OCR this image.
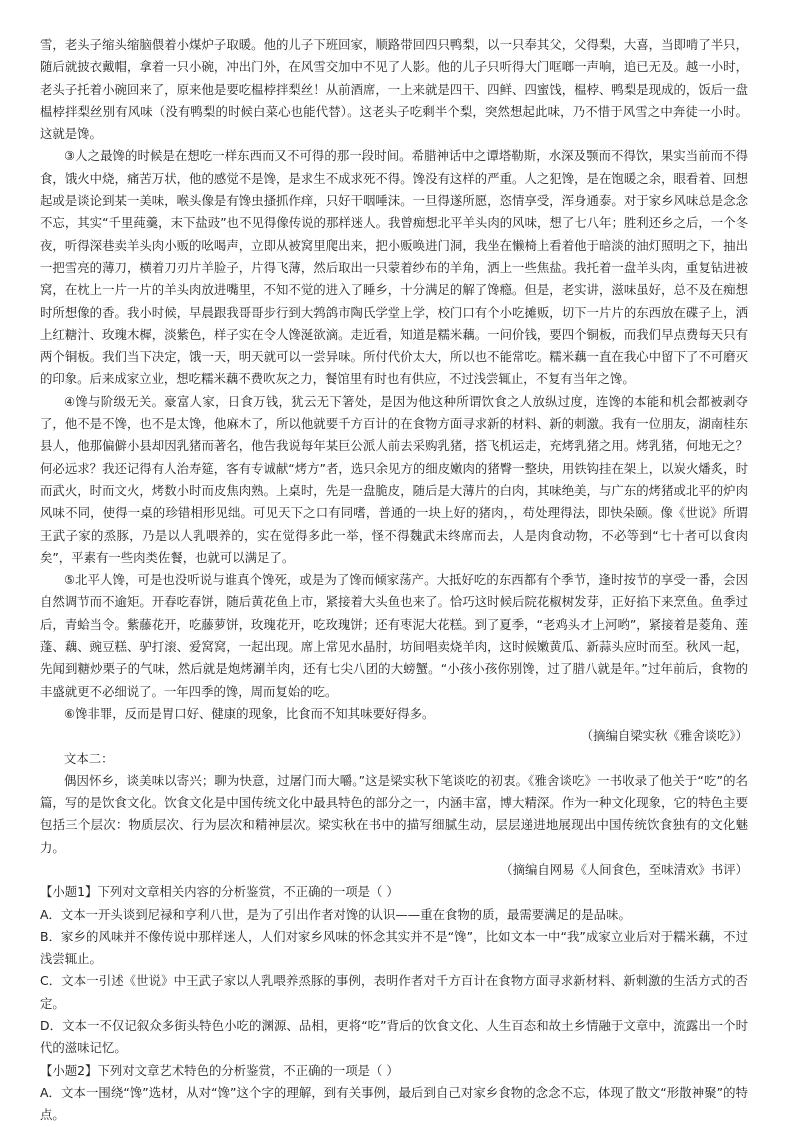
雪，老头子缩头缩脑偎着小煤炉子取暖。他的儿子下班回家，顺路带回四只鸭梨，以一只奉其父，父得梨，大喜，当即啃了半只，随后就披衣戴帽，拿着一只小碗，冲出门外，在风雪交加中不见了人影。他的儿子只听得大门哐啷一声响，追已无及。越一小时，老头子托着小碗回来了，原来他是要吃榅桲拌梨丝！从前酒席，一上来就是四干、四鲜、四蜜饯，榅桲、鸭梨是现成的，饭后一盘榅桲拌梨丝别有风味（没有鸭梨的时候白菜心也能代替）。这老头子吃剩半个梨，突然想起此味，乃不惜于风雪之中奔徒一小时。这就是馋。

③人之最馋的时候是在想吃一样东西而又不可得的那一段时间。希腊神话中之谭塔勒斯，水深及颚而不得饮，果实当前而不得食，饿火中烧，痛苦万状，他的感觉不是馋，是求生不成求死不得。馋没有这样的严重。人之犯馋，是在饱暖之余，眼看着、回想起或是谈论到某一美味，喉头像是有馋虫搔抓作痒，只好干咽唾沫。一旦得遂所愿，恣情享受，浑身通泰。对于家乡风味总是念念不忘，其实“千里莼羹，末下盐豉”也不见得像传说的那样迷人。我曾痴想北平羊头肉的风味，想了七八年；胜利还乡之后，一个冬夜，听得深巷卖羊头肉小贩的吆喝声，立即从被窝里爬出来，把小贩唤进门洞，我坐在懒椅上看着他于暗淡的油灯照明之下，抽出一把雪亮的薄刀，横着刀刃片羊脸子，片得飞薄，然后取出一只蒙着纱布的羊角，洒上一些焦盐。我托着一盘羊头肉，重复钻进被窝，在枕上一片一片的羊头肉放进嘴里，不知不觉的进入了睡乡，十分满足的解了馋瘾。但是，老实讲，滋味虽好，总不及在痴想时所想像的香。我小时候，早晨跟我哥哥步行到大鹁鸽市陶氏学堂上学，校门口有个小吃摊贩，切下一片片的东西放在碟子上，洒上红糖汁、玫瑰木樨，淡紫色，样子实在令人馋涎欲滴。走近看，知道是糯米藕。一问价钱，要四个铜板，而我们早点费每天只有两个铜板。我们当下决定，饿一天，明天就可以一尝异味。所付代价太大，所以也不能常吃。糯米藕一直在我心中留下了不可磨灭的印象。后来成家立业，想吃糯米藕不费吹灰之力，餐馆里有时也有供应，不过浅尝辄止，不复有当年之馋。

④馋与阶级无关。豪富人家，日食万钱，犹云无下箸处，是因为他这种所谓饮食之人放纵过度，连馋的本能和机会都被剥夺了，他不是不馋，也不是太馋，他麻木了，所以他就要千方百计的在食物方面寻求新的材料、新的刺激。我有一位朋友，湖南桂东县人，他那偏僻小县却因乳猪而著名，他告我说每年某巨公派人前去采购乳猪，搭飞机运走，充烤乳猪之用。烤乳猪，何地无之？何必远求？我还记得有人治寿筵，客有专诚献“烤方”者，选只余见方的细皮嫩肉的猪臀一整块，用铁钩挂在架上，以炭火燔炙，时而武火，时而文火，烤数小时而皮焦肉熟。上桌时，先是一盘脆皮，随后是大薄片的白肉，其味绝美，与广东的烤猪或北平的炉肉风味不同，使得一桌的珍错相形见绌。可见天下之口有同嗜，普通的一块上好的猪肉，，苟处理得法，即快朵颐。像《世说》所谓王武子家的烝豚，乃是以人乳喂养的，实在觉得多此一举，怪不得魏武未终席而去，人是肉食动物，不必等到“七十者可以食肉矣”，平素有一些肉类佐餐，也就可以满足了。

⑤北平人馋，可是也没听说与谁真个馋死，或是为了馋而倾家荡产。大抵好吃的东西都有个季节，逢时按节的享受一番，会因自然调节而不逾矩。开春吃春饼，随后黄花鱼上市，紧接着大头鱼也来了。恰巧这时候后院花椒树发芽，正好掐下来烹鱼。鱼季过后，青蛤当令。紫藤花开，吃藤萝饼，玫瑰花开，吃玫瑰饼；还有枣泥大花糕。到了夏季，“老鸡头才上河哟”，紧接着是菱角、莲蓬、藕、豌豆糕、驴打滚、爱窝窝，一起出现。席上常见水晶肘，坊间唱卖烧羊肉，这时候嫩黄瓜、新蒜头应时而至。秋风一起，先闻到糖炒栗子的气味，然后就是炮烤涮羊肉，还有七尖八团的大螃蟹。“小孩小孩你别馋，过了腊八就是年。”过年前后，食物的丰盛就更不必细说了。一年四季的馋，周而复始的吃。

⑥馋非罪，反而是胃口好、健康的现象，比食而不知其味要好得多。

（摘编自梁实秋《雅舍谈吃》）

文本二：

偶因怀乡，谈美味以寄兴；聊为快意，过屠门而大嚼。”这是梁实秋下笔谈吃的初衷。《雅舍谈吃》一书收录了他关于“吃”的名篇，写的是饮食文化。饮食文化是中国传统文化中最具特色的部分之一，内涵丰富，博大精深。作为一种文化现象，它的特色主要包括三个层次：物质层次、行为层次和精神层次。梁实秋在书中的描写细腻生动，层层递进地展现出中国传统饮食独有的文化魅力。

（摘编自网易《人间食色，至味清欢》书评）

【小题1】下列对文章相关内容的分析鉴赏，不正确的一项是（ ）

A．文本一开头谈到尼禄和亨利八世，是为了引出作者对馋的认识——重在食物的质，最需要满足的是品味。

B．家乡的风味并不像传说中那样迷人，人们对家乡风味的怀念其实并不是“馋”，比如文本一中“我”成家立业后对于糯米藕，不过浅尝辄止。

C．文本一引述《世说》中王武子家以人乳喂养烝豚的事例，表明作者对千方百计在食物方面寻求新材料、新刺激的生活方式的否定。

D．文本一不仅记叙众多街头特色小吃的渊源、品相，更将“吃”背后的饮食文化、人生百态和故土乡情融于文章中，流露出一个时代的滋味记忆。

【小题2】下列对文章艺术特色的分析鉴赏，不正确的一项是（ ）

A．文本一围绕“馋”选材，从对“馋”这个字的理解，到有关事例，最后到自己对家乡食物的念念不忘，体现了散文“形散神聚”的特点。
